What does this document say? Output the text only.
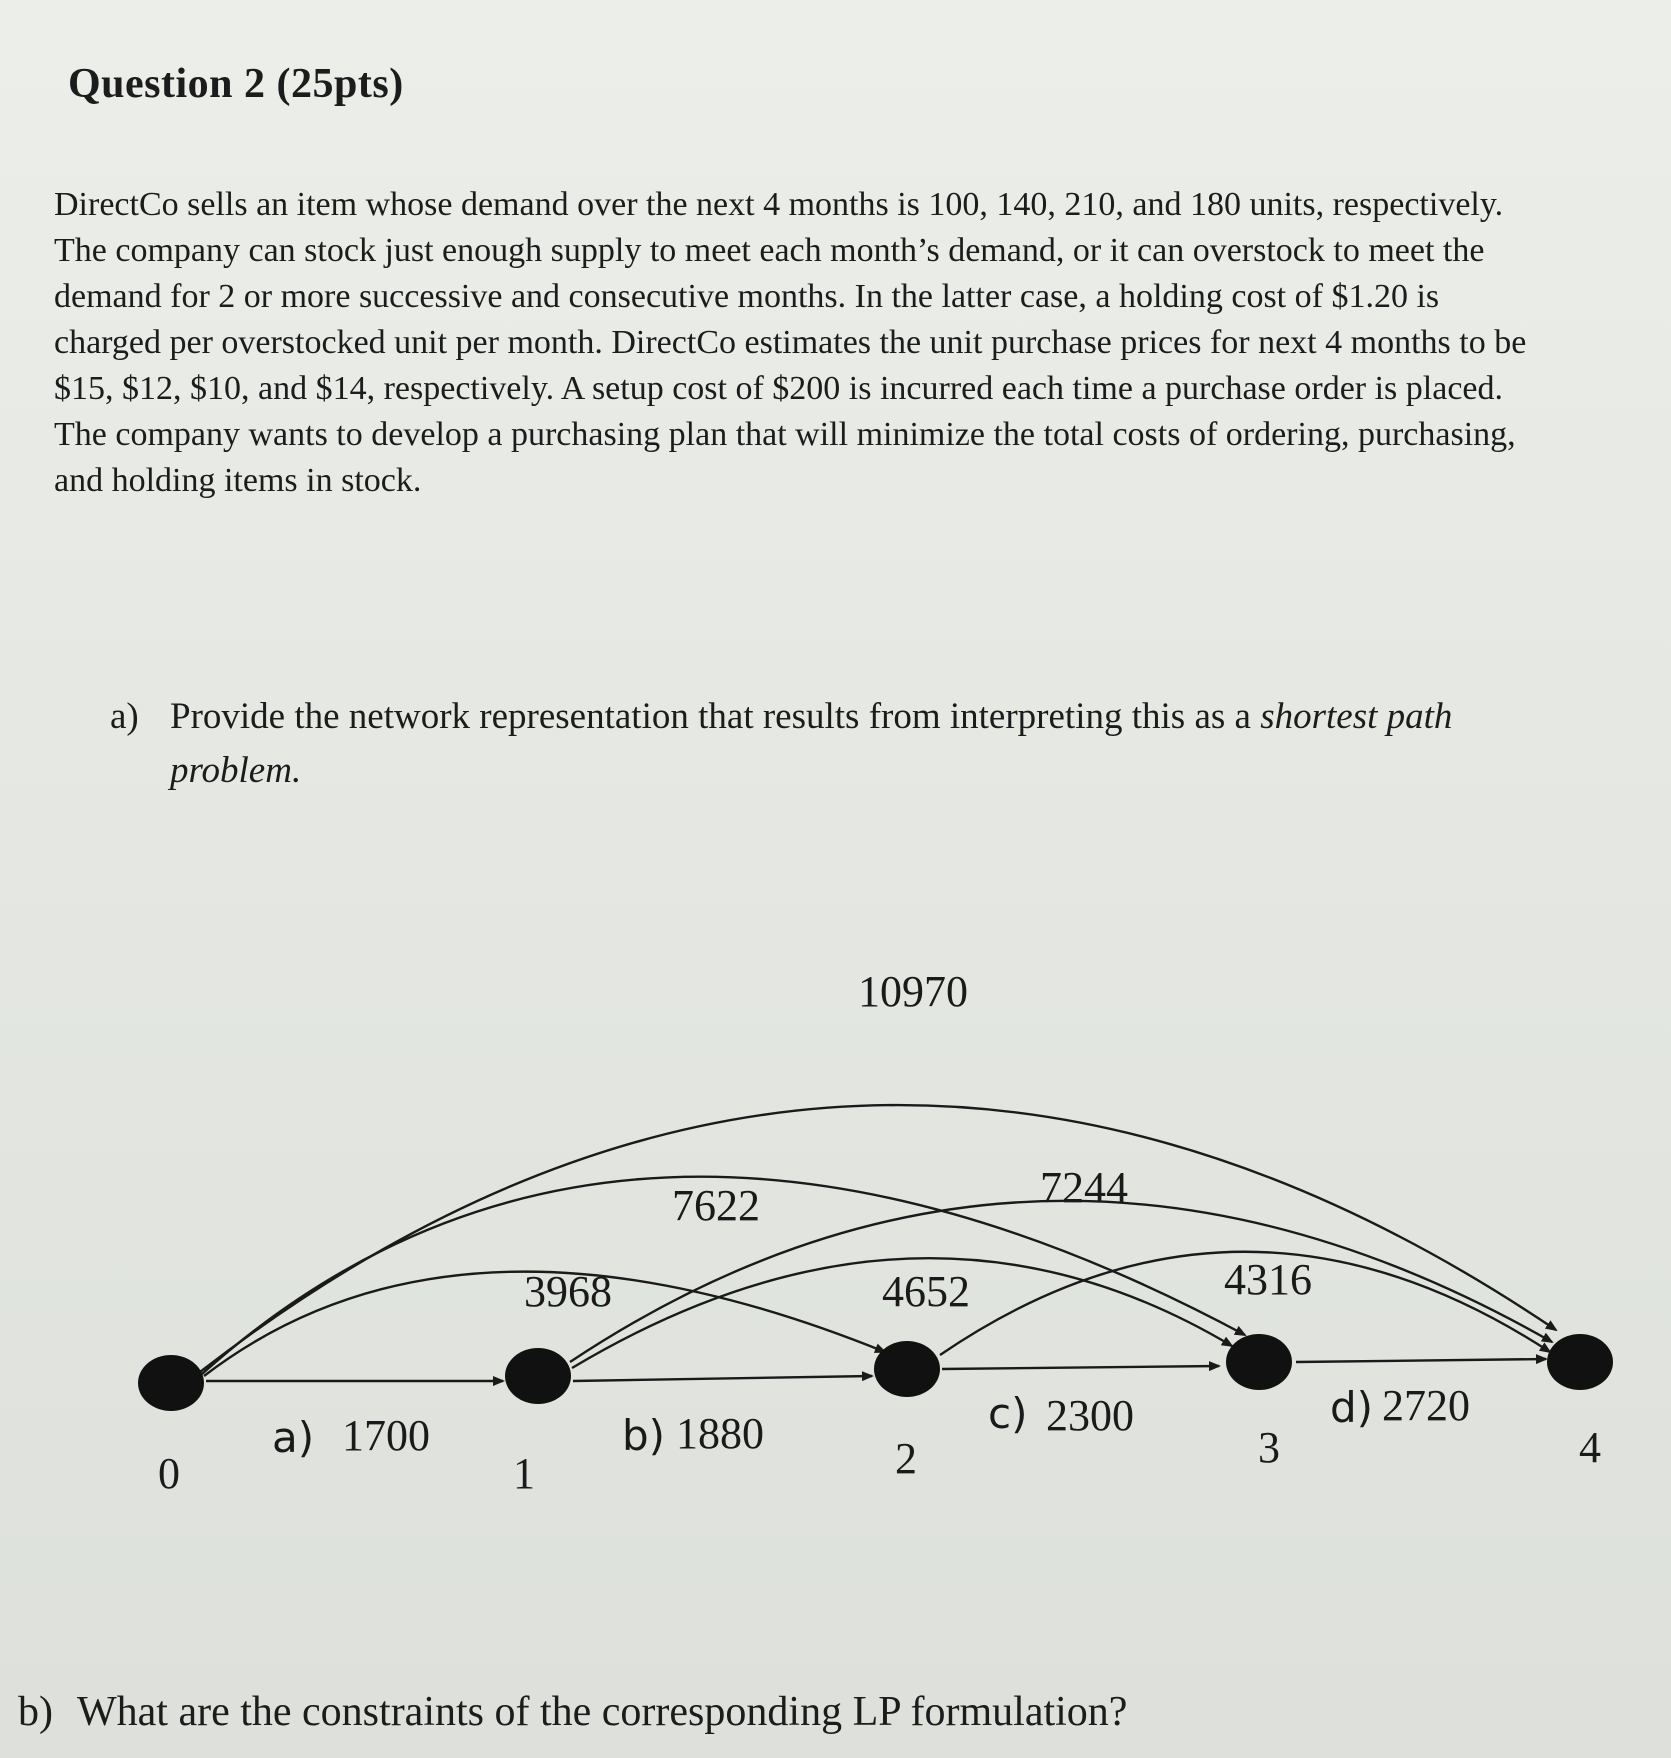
Question 2 (25pts)

DirectCo sells an item whose demand over the next 4 months is 100, 140, 210, and 180 units, respectively. The company can stock just enough supply to meet each month’s demand, or it can overstock to meet the demand for 2 or more successive and consecutive months. In the latter case, a holding cost of $1.20 is charged per overstocked unit per month. DirectCo estimates the unit purchase prices for next 4 months to be $15, $12, $10, and $14, respectively. A setup cost of $200 is incurred each time a purchase order is placed. The company wants to develop a purchasing plan that will minimize the total costs of ordering, purchasing, and holding items in stock.

a) Provide the network representation that results from interpreting this as a shortest path problem.
0	1	2	3	4
a) 1700	b) 1880	c) 2300	d) 2720
3968	4652	4316
7622	7244
10970
b) What are the constraints of the corresponding LP formulation?
